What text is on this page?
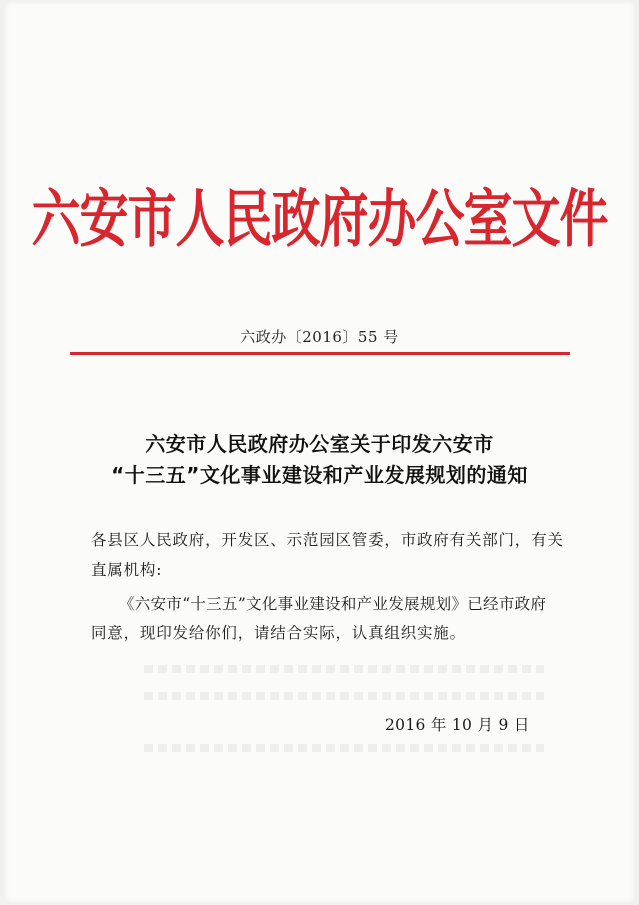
六安市人民政府办公室文件
六政办〔2016〕55 号
六安市人民政府办公室关于印发六安市
“十三五”文化事业建设和产业发展规划的通知
各县区人民政府，开发区、示范园区管委，市政府有关部门，有关
直属机构:
《六安市“十三五”文化事业建设和产业发展规划》已经市政府
同意，现印发给你们，请结合实际，认真组织实施。
2016 年 10 月 9 日
